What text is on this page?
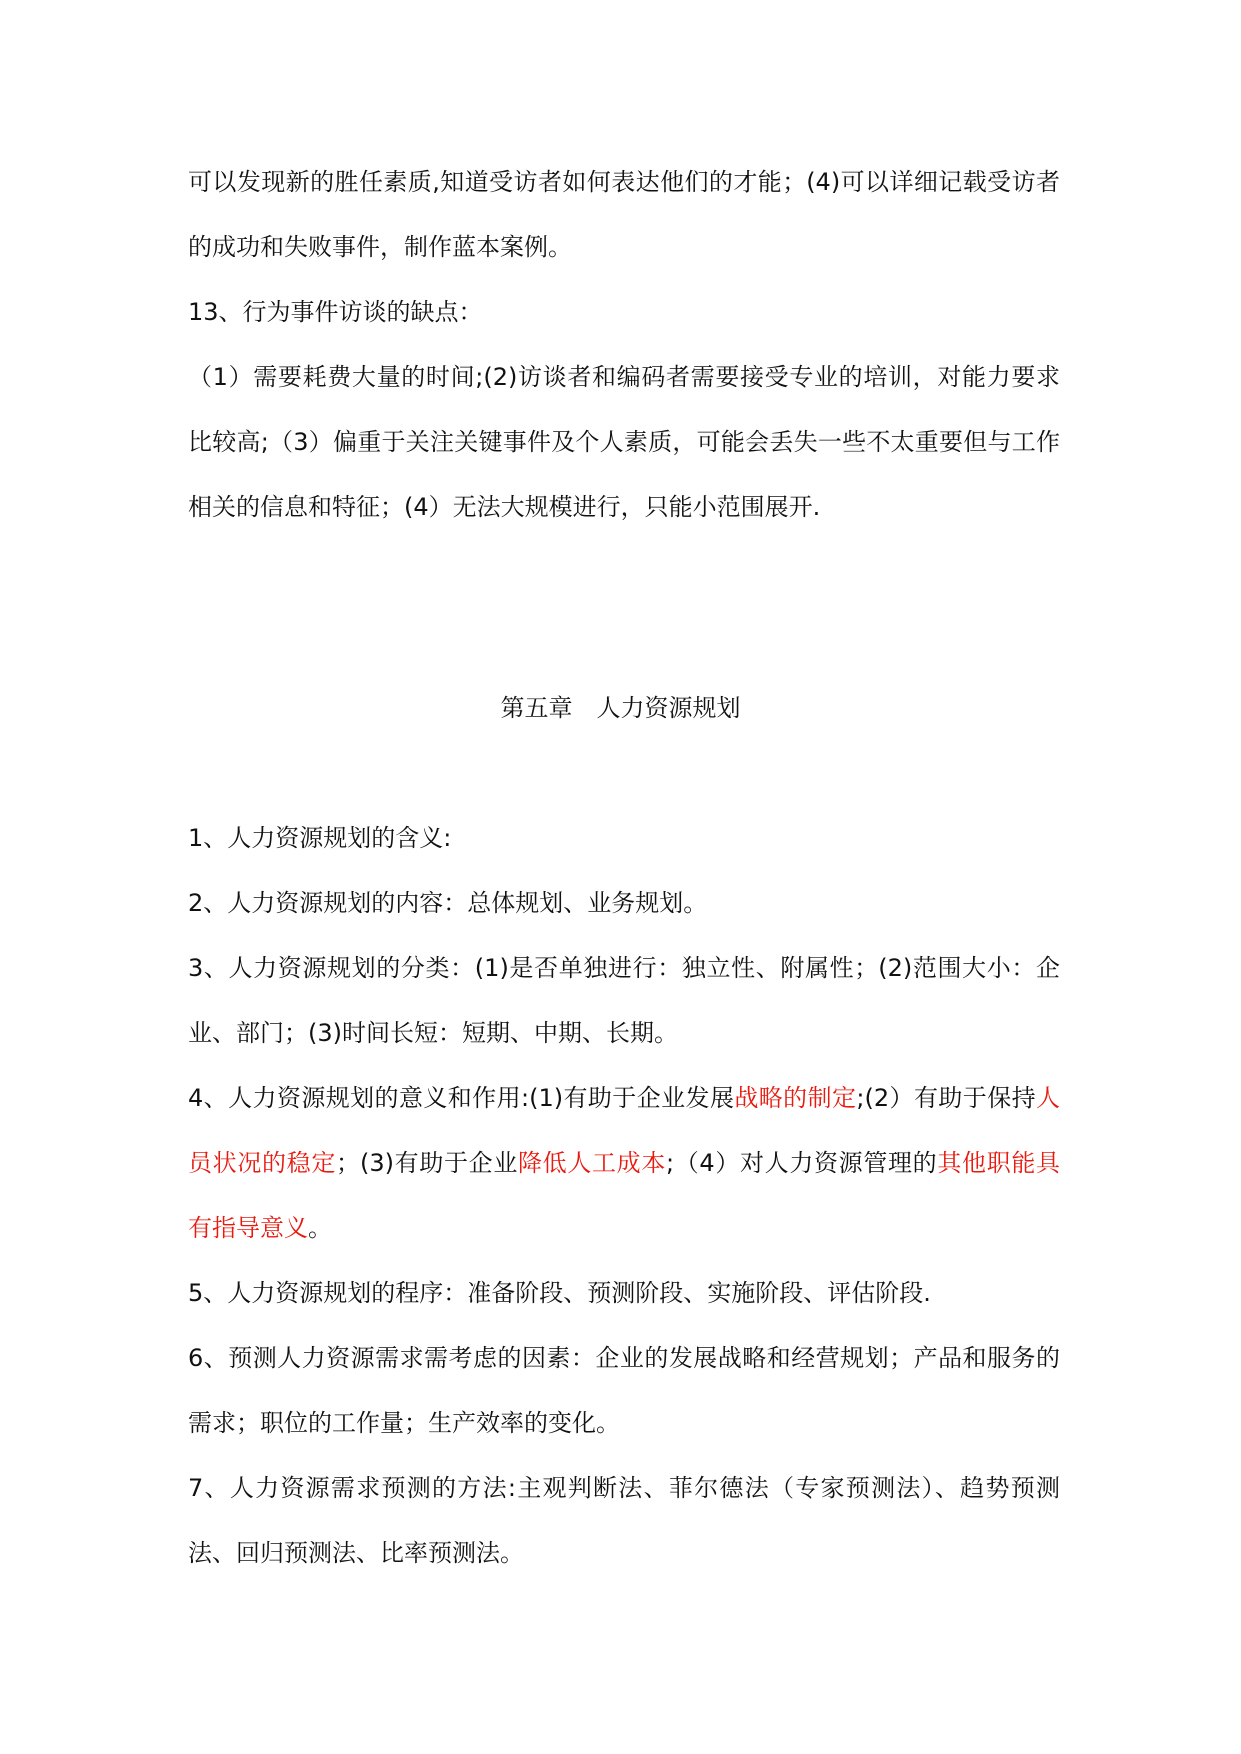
可以发现新的胜任素质,知道受访者如何表达他们的才能；(4)可以详细记载受访者的成功和失败事件，制作蓝本案例。

13、行为事件访谈的缺点：

（1）需要耗费大量的时间;(2)访谈者和编码者需要接受专业的培训，对能力要求比较高;（3）偏重于关注关键事件及个人素质，可能会丢失一些不太重要但与工作相关的信息和特征；(4）无法大规模进行，只能小范围展开.

第五章　人力资源规划

1、人力资源规划的含义:

2、人力资源规划的内容：总体规划、业务规划。

3、人力资源规划的分类：(1)是否单独进行：独立性、附属性；(2)范围大小：企业、部门；(3)时间长短：短期、中期、长期。

4、人力资源规划的意义和作用:(1)有助于企业发展战略的制定;(2）有助于保持人员状况的稳定；(3)有助于企业降低人工成本;（4）对人力资源管理的其他职能具有指导意义。

5、人力资源规划的程序：准备阶段、预测阶段、实施阶段、评估阶段.

6、预测人力资源需求需考虑的因素：企业的发展战略和经营规划；产品和服务的需求；职位的工作量；生产效率的变化。

7、人力资源需求预测的方法:主观判断法、菲尔德法（专家预测法）、趋势预测法、回归预测法、比率预测法。
